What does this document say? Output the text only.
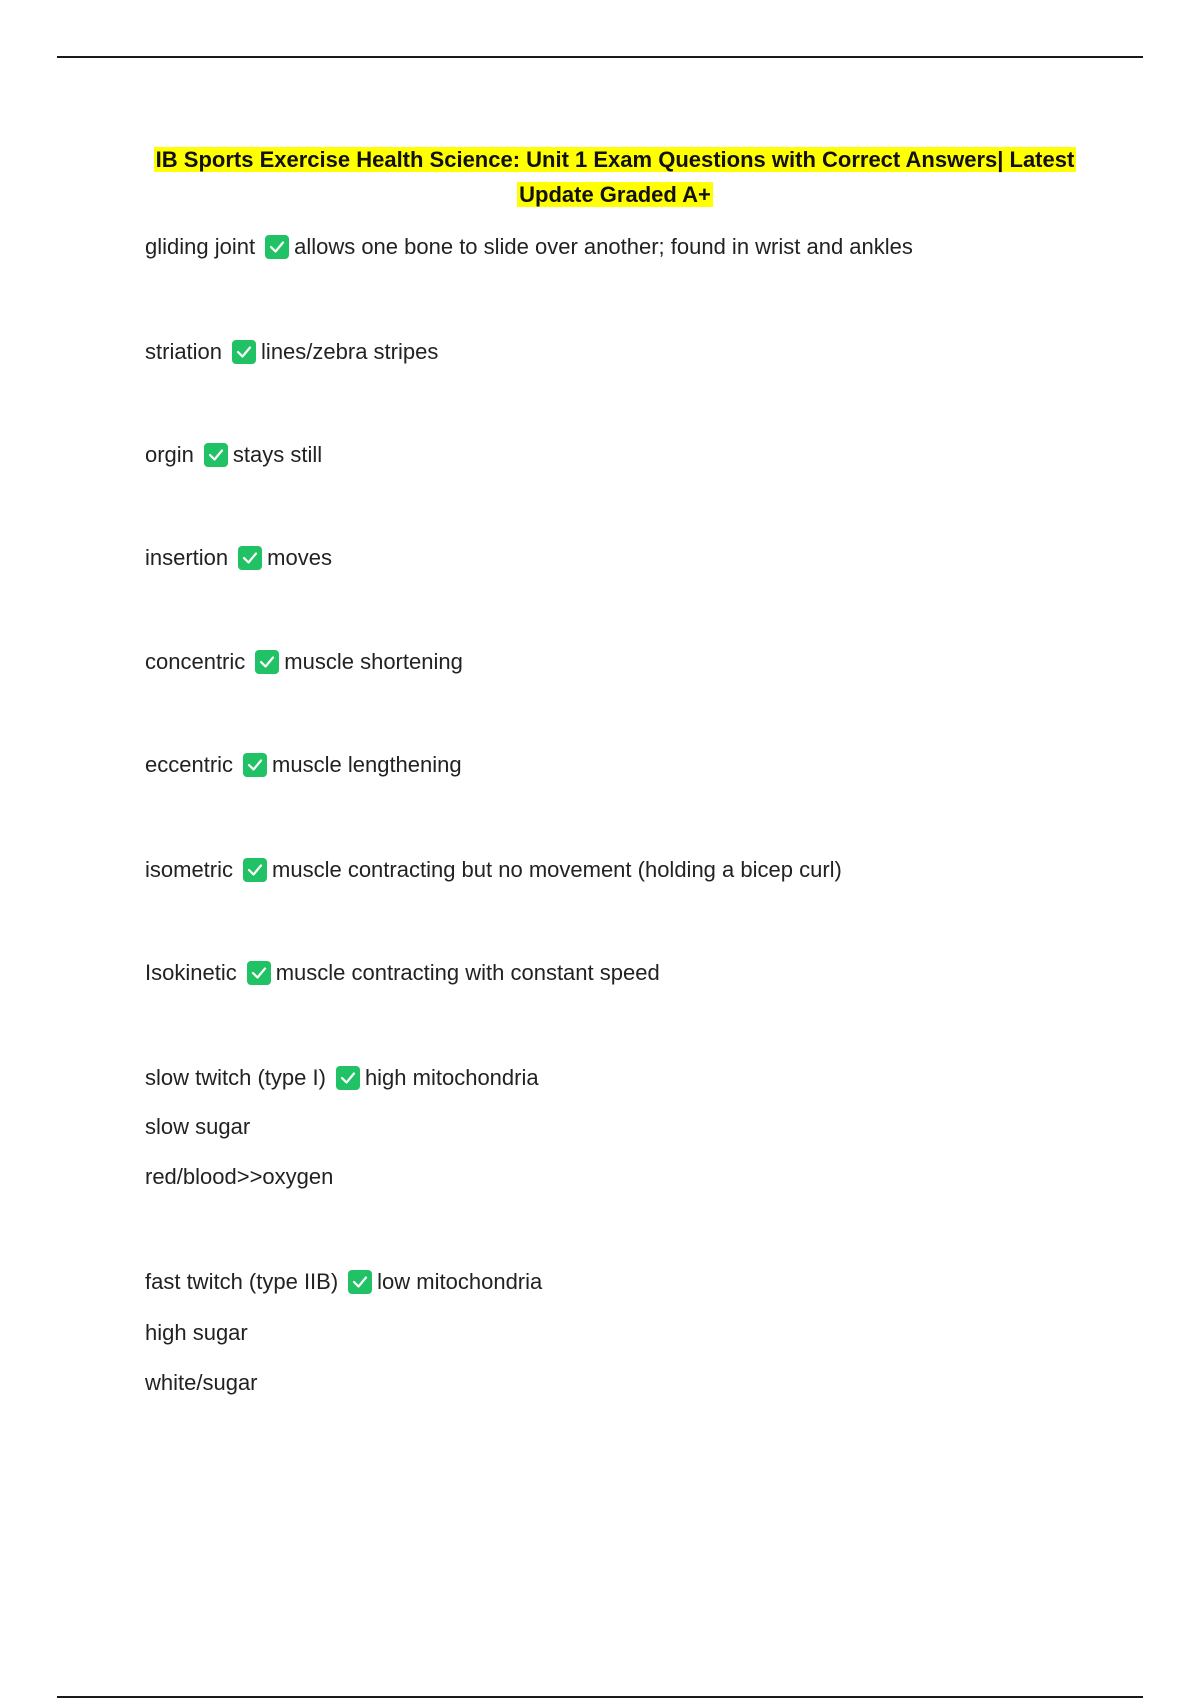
IB Sports Exercise Health Science: Unit 1 Exam Questions with Correct Answers| Latest
Update Graded A+
gliding joint allows one bone to slide over another; found in wrist and ankles
striation lines/zebra stripes
orgin stays still
insertion moves
concentric muscle shortening
eccentric muscle lengthening
isometric muscle contracting but no movement (holding a bicep curl)
Isokinetic muscle contracting with constant speed
slow twitch (type I) high mitochondria
slow sugar
red/blood>>oxygen
fast twitch (type IIB) low mitochondria
high sugar
white/sugar
